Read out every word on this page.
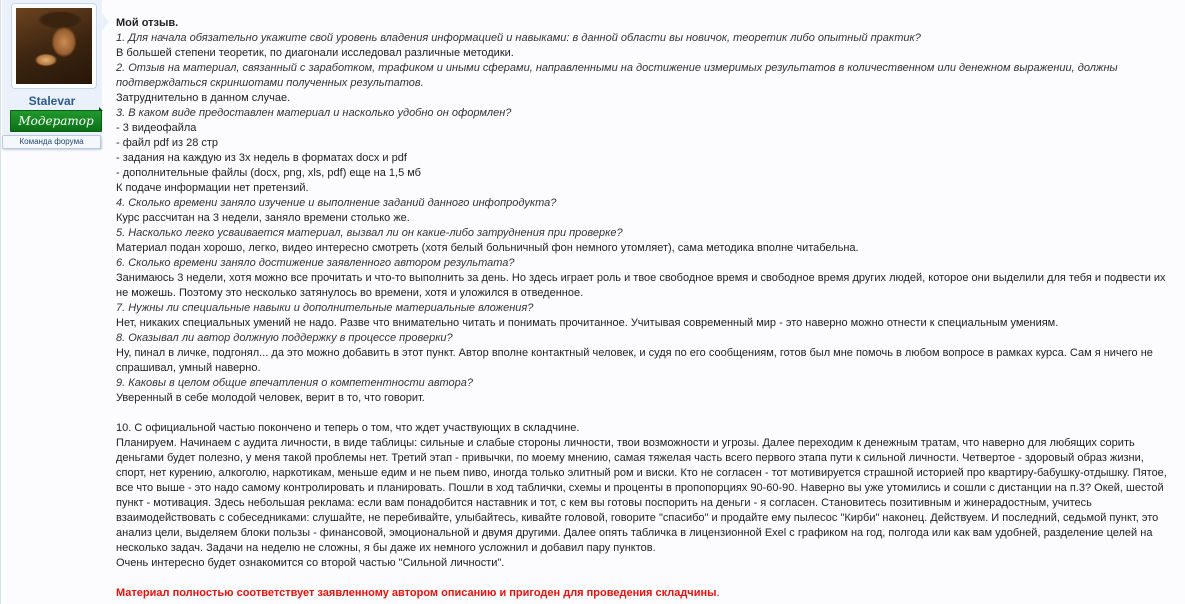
Stalevar
Модератор
Команда форума

Мой отзыв.

1. Для начала обязательно укажите свой уровень владения информацией и навыками: в данной области вы новичок, теоретик либо опытный практик?

В большей степени теоретик, по диагонали исследовал различные методики.

2. Отзыв на материал, связанный с заработком, трафиком и иными сферами, направленными на достижение измеримых результатов в количественном или денежном выражении, должны подтверждаться скриншотами полученных результатов.

Затруднительно в данном случае.

3. В каком виде предоставлен материал и насколько удобно он оформлен?

- 3 видеофайла

- файл pdf из 28 стр

- задания на каждую из 3х недель в форматах docx и pdf

- дополнительные файлы (docx, png, xls, pdf) еще на 1,5 мб

К подаче информации нет претензий.

4. Сколько времени заняло изучение и выполнение заданий данного инфопродукта?

Курс рассчитан на 3 недели, заняло времени столько же.

5. Насколько легко усваивается материал, вызвал ли он какие-либо затруднения при проверке?

Материал подан хорошо, легко, видео интересно смотреть (хотя белый больничный фон немного утомляет), сама методика вполне читабельна.

6. Сколько времени заняло достижение заявленного автором результата?

Занимаюсь 3 недели, хотя можно все прочитать и что-то выполнить за день. Но здесь играет роль и твое свободное время и свободное время других людей, которое они выделили для тебя и подвести их не можешь. Поэтому это несколько затянулось во времени, хотя и уложился в отведенное.

7. Нужны ли специальные навыки и дополнительные материальные вложения?

Нет, никаких специальных умений не надо. Разве что внимательно читать и понимать прочитанное. Учитывая современный мир - это наверно можно отнести к специальным умениям.

8. Оказывал ли автор должную поддержку в процессе проверки?

Ну, пинал в личке, подгонял... да это можно добавить в этот пункт. Автор вполне контактный человек, и судя по его сообщениям, готов был мне помочь в любом вопросе в рамках курса. Сам я ничего не спрашивал, умный наверно.

9. Каковы в целом общие впечатления о компетентности автора?

Уверенный в себе молодой человек, верит в то, что говорит.

10. С официальной частью покончено и теперь о том, что ждет участвующих в складчине.

Планируем. Начинаем с аудита личности, в виде таблицы: сильные и слабые стороны личности, твои возможности и угрозы. Далее переходим к денежным тратам, что наверно для любящих сорить деньгами будет полезно, у меня такой проблемы нет. Третий этап - привычки, по моему мнению, самая тяжелая часть всего первого этапа пути к сильной личности. Четвертое - здоровый образ жизни, спорт, нет курению, алкоголю, наркотикам, меньше едим и не пьем пиво, иногда только элитный ром и виски. Кто не согласен - тот мотивируется страшной историей про квартиру-бабушку-отдышку. Пятое, все что выше - это надо самому контролировать и планировать. Пошли в ход таблички, схемы и проценты в пропопорциях 90-60-90. Наверно вы уже утомились и сошли с дистанции на п.3? Окей, шестой пункт - мотивация. Здесь небольшая реклама: если вам понадобится наставник и тот, с кем вы готовы поспорить на деньги - я согласен. Становитесь позитивным и жинерадостным, учитесь взаимодействовать с собеседниками: слушайте, не перебивайте, улыбайтесь, кивайте головой, говорите "спасибо" и продайте ему пылесос "Кирби" наконец. Действуем. И последний, седьмой пункт, это анализ цели, выделяем блоки пользы - финансовой, эмоциональной и двумя другими. Далее опять табличка в лицензионной Exel с графиком на год, полгода или как вам удобней, разделение целей на несколько задач. Задачи на неделю не сложны, я бы даже их немного усложнил и добавил пару пунктов.

Очень интересно будет ознакомится со второй частью "Сильной личности".

Материал полностью соответствует заявленному автором описанию и пригоден для проведения складчины.
